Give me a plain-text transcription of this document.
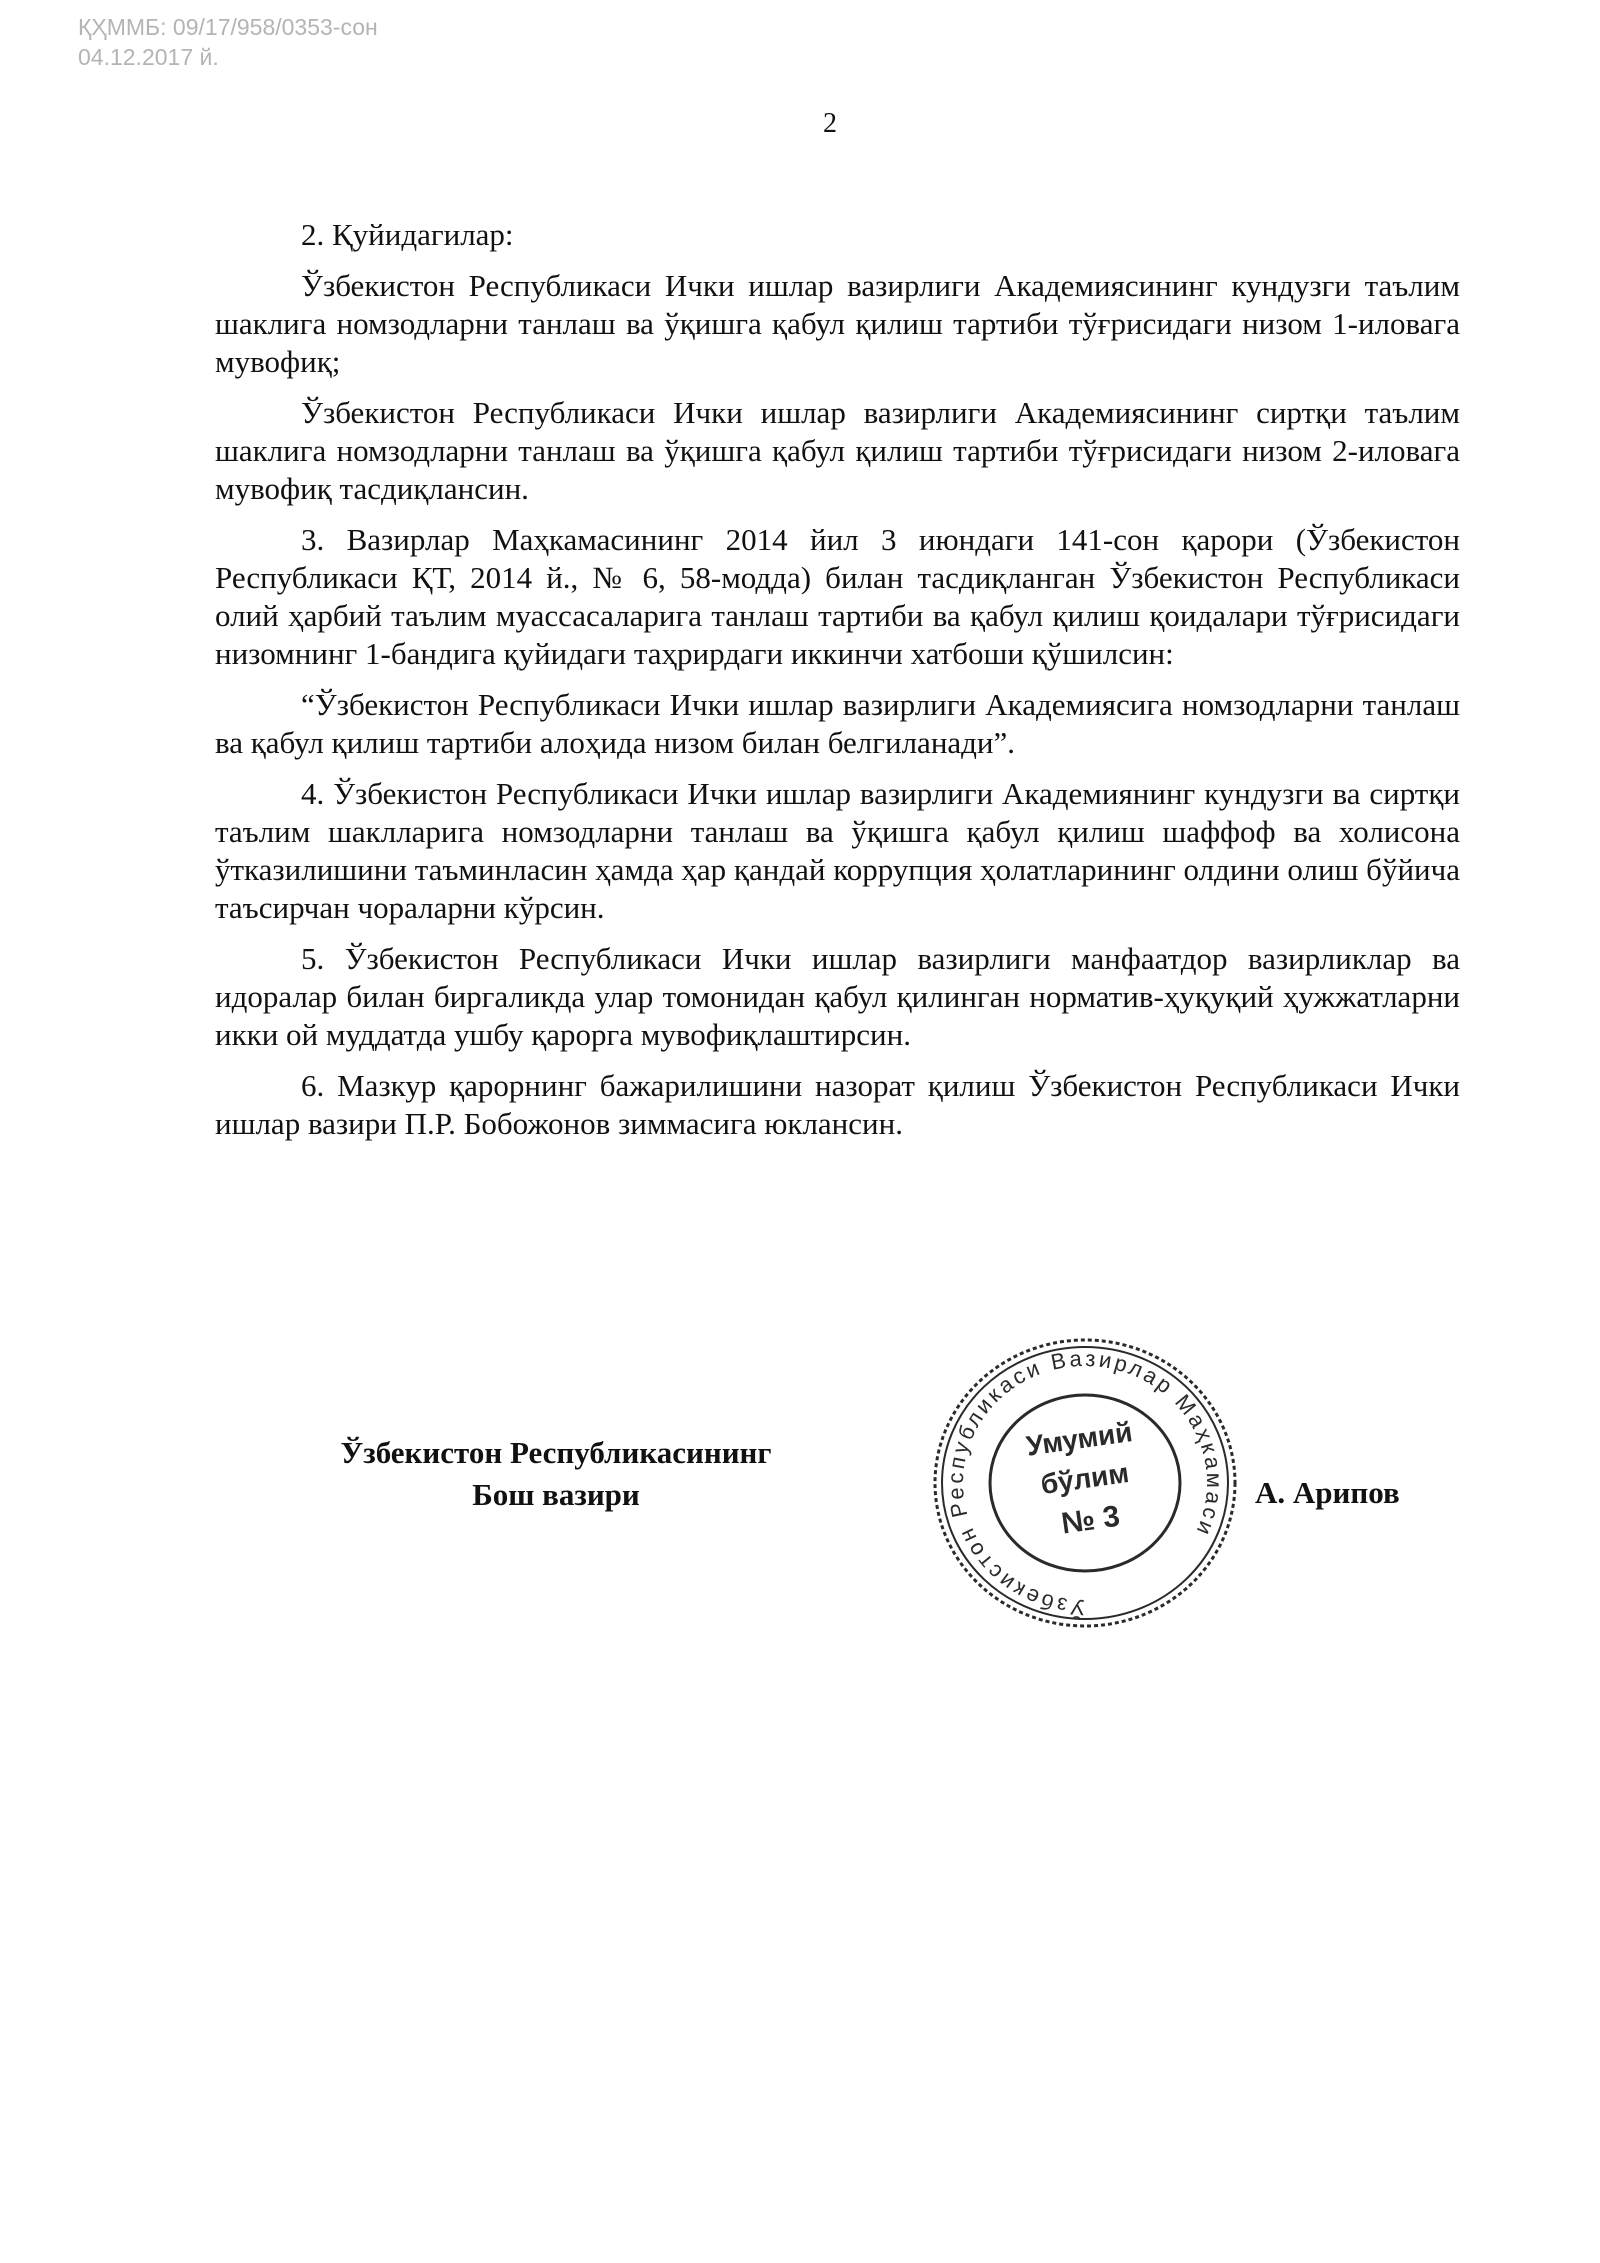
ҚҲММБ: 09/17/958/0353-сон
04.12.2017 й.
2

2. Қуйидагилар:

Ўзбекистон Республикаси Ички ишлар вазирлиги Академиясининг кундузги таълим шаклига номзодларни танлаш ва ўқишга қабул қилиш тартиби тўғрисидаги низом 1-иловага мувофиқ;

Ўзбекистон Республикаси Ички ишлар вазирлиги Академиясининг сиртқи таълим шаклига номзодларни танлаш ва ўқишга қабул қилиш тартиби тўғрисидаги низом 2-иловага мувофиқ тасдиқлансин.

3. Вазирлар Маҳкамасининг 2014 йил 3 июндаги 141-сон қарори (Ўзбекистон Республикаси ҚТ, 2014 й., № 6, 58-модда) билан тасдиқланган Ўзбекистон Республикаси олий ҳарбий таълим муассасаларига танлаш тартиби ва қабул қилиш қоидалари тўғрисидаги низомнинг 1-бандига қуйидаги таҳрирдаги иккинчи хатбоши қўшилсин:

“Ўзбекистон Республикаси Ички ишлар вазирлиги Академиясига номзодларни танлаш ва қабул қилиш тартиби алоҳида низом билан белгиланади”.

4. Ўзбекистон Республикаси Ички ишлар вазирлиги Академиянинг кундузги ва сиртқи таълим шаклларига номзодларни танлаш ва ўқишга қабул қилиш шаффоф ва холисона ўтказилишини таъминласин ҳамда ҳар қандай коррупция ҳолатларининг олдини олиш бўйича таъсирчан чораларни кўрсин.

5. Ўзбекистон Республикаси Ички ишлар вазирлиги манфаатдор вазирликлар ва идоралар билан биргаликда улар томонидан қабул қилинган норматив-ҳуқуқий ҳужжатларни икки ой муддатда ушбу қарорга мувофиқлаштирсин.

6. Мазкур қарорнинг бажарилишини назорат қилиш Ўзбекистон Республикаси Ички ишлар вазири П.Р. Бобожонов зиммасига юклансин.

Ўзбекистон Республикасининг
Бош вазири	А. Арипов
Ўзбекистон Республикаси Вазирлар Маҳкамаси
Умумий
бўлим
№ 3
